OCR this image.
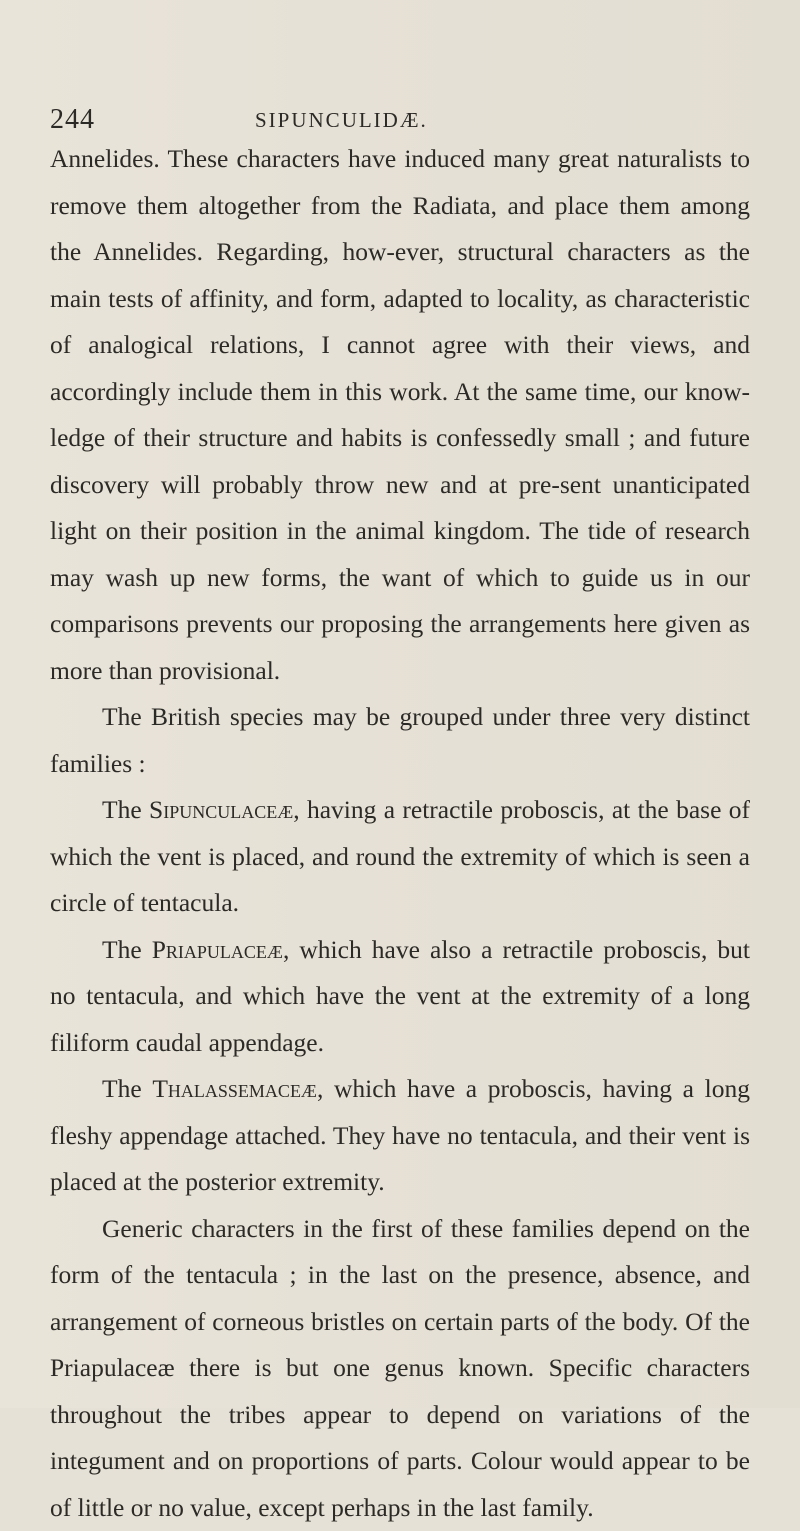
244	SIPUNCULIDÆ.

Annelides. These characters have induced many great naturalists to remove them altogether from the Radiata, and place them among the Annelides. Regarding, how-ever, structural characters as the main tests of affinity, and form, adapted to locality, as characteristic of analogical relations, I cannot agree with their views, and accordingly include them in this work. At the same time, our know-ledge of their structure and habits is confessedly small ; and future discovery will probably throw new and at pre-sent unanticipated light on their position in the animal kingdom. The tide of research may wash up new forms, the want of which to guide us in our comparisons prevents our proposing the arrangements here given as more than provisional.

The British species may be grouped under three very distinct families :

The Sipunculaceæ, having a retractile proboscis, at the base of which the vent is placed, and round the extremity of which is seen a circle of tentacula.

The Priapulaceæ, which have also a retractile proboscis, but no tentacula, and which have the vent at the extremity of a long filiform caudal appendage.

The Thalassemaceæ, which have a proboscis, having a long fleshy appendage attached. They have no tentacula, and their vent is placed at the posterior extremity.

Generic characters in the first of these families depend on the form of the tentacula ; in the last on the presence, absence, and arrangement of corneous bristles on certain parts of the body. Of the Priapulaceæ there is but one genus known. Specific characters throughout the tribes appear to depend on variations of the integument and on proportions of parts. Colour would appear to be of little or no value, except perhaps in the last family.
